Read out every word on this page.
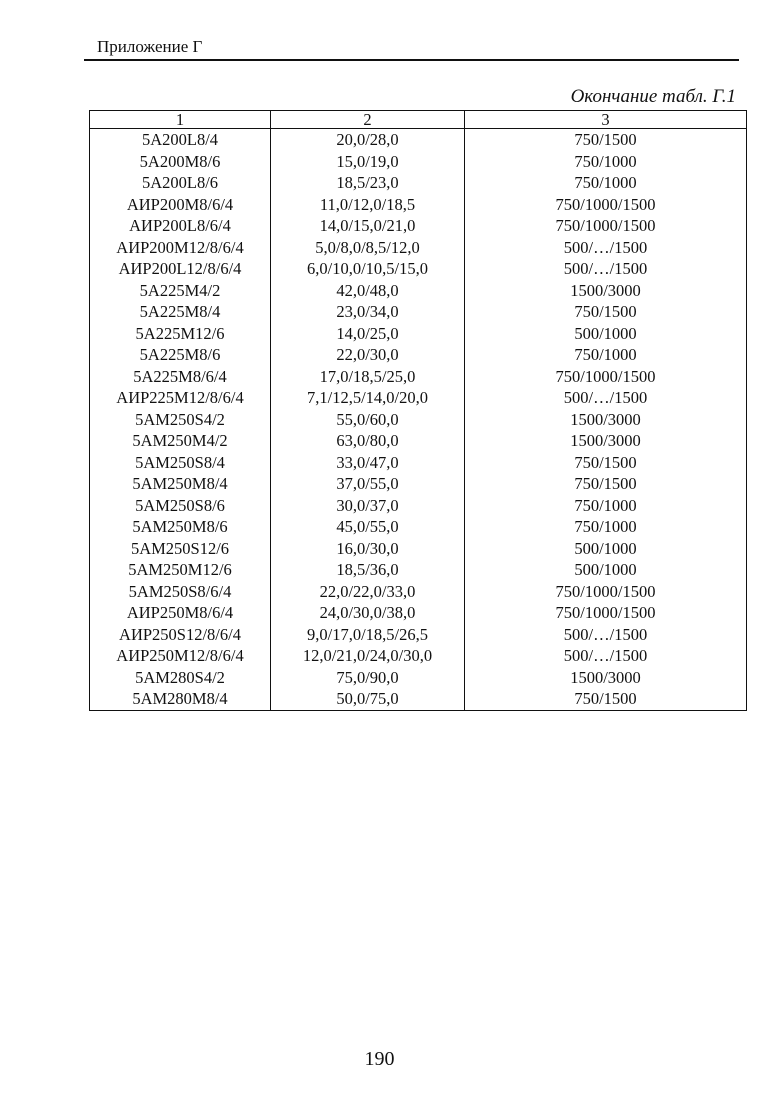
Приложение Г
Окончание табл. Г.1
1	2	3
5A200L8/4	20,0/28,0	750/1500
5A200M8/6	15,0/19,0	750/1000
5A200L8/6	18,5/23,0	750/1000
АИР200M8/6/4	11,0/12,0/18,5	750/1000/1500
АИР200L8/6/4	14,0/15,0/21,0	750/1000/1500
АИР200M12/8/6/4	5,0/8,0/8,5/12,0	500/…/1500
АИР200L12/8/6/4	6,0/10,0/10,5/15,0	500/…/1500
5A225M4/2	42,0/48,0	1500/3000
5A225M8/4	23,0/34,0	750/1500
5A225M12/6	14,0/25,0	500/1000
5A225M8/6	22,0/30,0	750/1000
5A225M8/6/4	17,0/18,5/25,0	750/1000/1500
АИР225M12/8/6/4	7,1/12,5/14,0/20,0	500/…/1500
5AM250S4/2	55,0/60,0	1500/3000
5AM250M4/2	63,0/80,0	1500/3000
5AM250S8/4	33,0/47,0	750/1500
5AM250M8/4	37,0/55,0	750/1500
5AM250S8/6	30,0/37,0	750/1000
5AM250M8/6	45,0/55,0	750/1000
5AM250S12/6	16,0/30,0	500/1000
5AM250M12/6	18,5/36,0	500/1000
5AM250S8/6/4	22,0/22,0/33,0	750/1000/1500
АИР250M8/6/4	24,0/30,0/38,0	750/1000/1500
АИР250S12/8/6/4	9,0/17,0/18,5/26,5	500/…/1500
АИР250M12/8/6/4	12,0/21,0/24,0/30,0	500/…/1500
5AM280S4/2	75,0/90,0	1500/3000
5AM280M8/4	50,0/75,0	750/1500
190
